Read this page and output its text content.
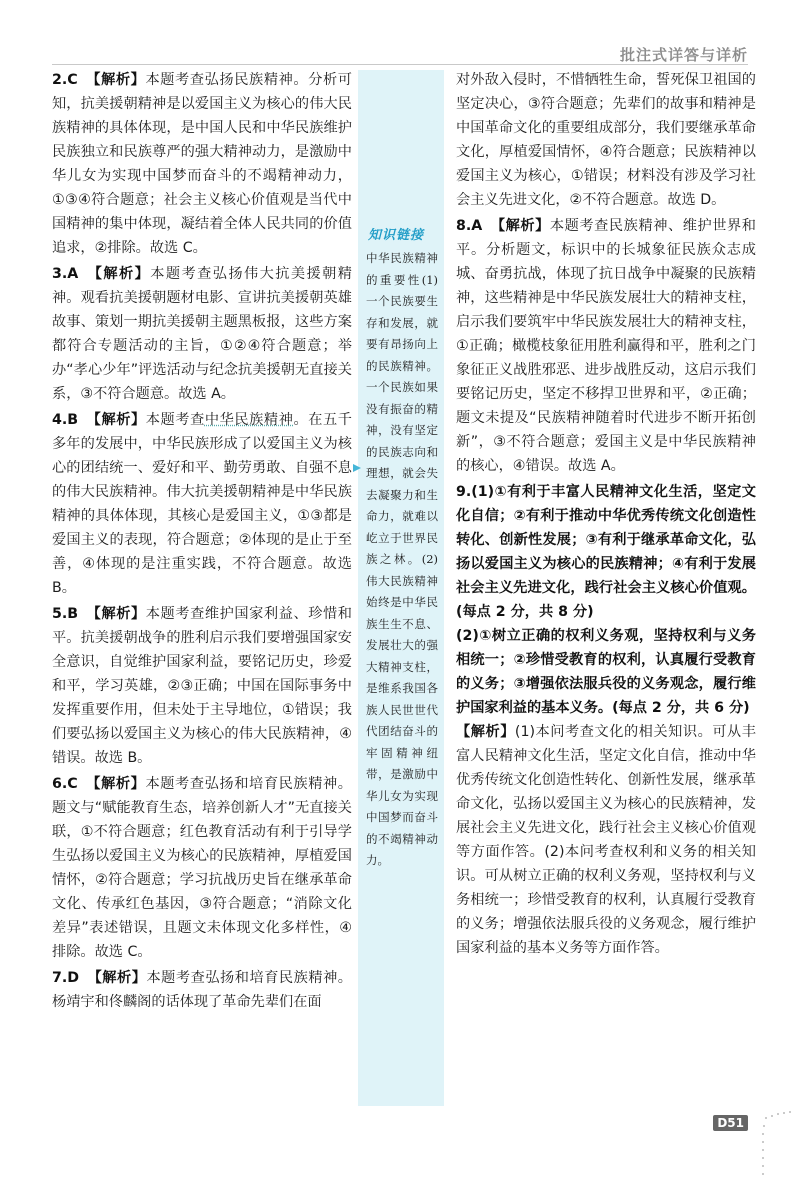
批注式详答与详析
2.C 【解析】本题考查弘扬民族精神。分析可知，抗美援朝精神是以爱国主义为核心的伟大民族精神的具体体现，是中国人民和中华民族维护民族独立和民族尊严的强大精神动力，是激励中华儿女为实现中国梦而奋斗的不竭精神动力，①③④符合题意；社会主义核心价值观是当代中国精神的集中体现，凝结着全体人民共同的价值追求，②排除。故选 C。
3.A 【解析】本题考查弘扬伟大抗美援朝精神。观看抗美援朝题材电影、宣讲抗美援朝英雄故事、策划一期抗美援朝主题黑板报，这些方案都符合专题活动的主旨，①②④符合题意；举办“孝心少年”评选活动与纪念抗美援朝无直接关系，③不符合题意。故选 A。
4.B 【解析】本题考查中华民族精神。在五千多年的发展中，中华民族形成了以爱国主义为核心的团结统一、爱好和平、勤劳勇敢、自强不息的伟大民族精神。伟大抗美援朝精神是中华民族精神的具体体现，其核心是爱国主义，①③都是爱国主义的表现，符合题意；②体现的是止于至善，④体现的是注重实践，不符合题意。故选 B。
5.B 【解析】本题考查维护国家利益、珍惜和平。抗美援朝战争的胜利启示我们要增强国家安全意识，自觉维护国家利益，要铭记历史，珍爱和平，学习英雄，②③正确；中国在国际事务中发挥重要作用，但未处于主导地位，①错误；我们要弘扬以爱国主义为核心的伟大民族精神，④错误。故选 B。
6.C 【解析】本题考查弘扬和培育民族精神。题文与“赋能教育生态，培养创新人才”无直接关联，①不符合题意；红色教育活动有利于引导学生弘扬以爱国主义为核心的民族精神，厚植爱国情怀，②符合题意；学习抗战历史旨在继承革命文化、传承红色基因，③符合题意；“消除文化差异”表述错误，且题文未体现文化多样性，④排除。故选 C。
7.D 【解析】本题考查弘扬和培育民族精神。杨靖宇和佟麟阁的话体现了革命先辈们在面
知识链接
中华民族精神的重要性(1)一个民族要生存和发展，就要有昂扬向上的民族精神。一个民族如果没有振奋的精神，没有坚定的民族志向和理想，就会失去凝聚力和生命力，就难以屹立于世界民族之林。(2)伟大民族精神始终是中华民族生生不息、发展壮大的强大精神支柱，是维系我国各族人民世世代代团结奋斗的牢固精神纽带，是激励中华儿女为实现中国梦而奋斗的不竭精神动力。
对外敌入侵时，不惜牺牲生命，誓死保卫祖国的坚定决心，③符合题意；先辈们的故事和精神是中国革命文化的重要组成部分，我们要继承革命文化，厚植爱国情怀，④符合题意；民族精神以爱国主义为核心，①错误；材料没有涉及学习社会主义先进文化，②不符合题意。故选 D。
8.A 【解析】本题考查民族精神、维护世界和平。分析题文，标识中的长城象征民族众志成城、奋勇抗战，体现了抗日战争中凝聚的民族精神，这些精神是中华民族发展壮大的精神支柱，启示我们要筑牢中华民族发展壮大的精神支柱，①正确；橄榄枝象征用胜利赢得和平，胜利之门象征正义战胜邪恶、进步战胜反动，这启示我们要铭记历史，坚定不移捍卫世界和平，②正确；题文未提及“民族精神随着时代进步不断开拓创新”，③不符合题意；爱国主义是中华民族精神的核心，④错误。故选 A。
9.(1)①有利于丰富人民精神文化生活，坚定文化自信；②有利于推动中华优秀传统文化创造性转化、创新性发展；③有利于继承革命文化，弘扬以爱国主义为核心的民族精神；④有利于发展社会主义先进文化，践行社会主义核心价值观。(每点 2 分，共 8 分)
(2)①树立正确的权利义务观，坚持权利与义务相统一；②珍惜受教育的权利，认真履行受教育的义务；③增强依法服兵役的义务观念，履行维护国家利益的基本义务。(每点 2 分，共 6 分)
【解析】(1)本问考查文化的相关知识。可从丰富人民精神文化生活，坚定文化自信，推动中华优秀传统文化创造性转化、创新性发展，继承革命文化，弘扬以爱国主义为核心的民族精神，发展社会主义先进文化，践行社会主义核心价值观等方面作答。(2)本问考查权利和义务的相关知识。可从树立正确的权利义务观，坚持权利与义务相统一；珍惜受教育的权利，认真履行受教育的义务；增强依法服兵役的义务观念，履行维护国家利益的基本义务等方面作答。
D51
